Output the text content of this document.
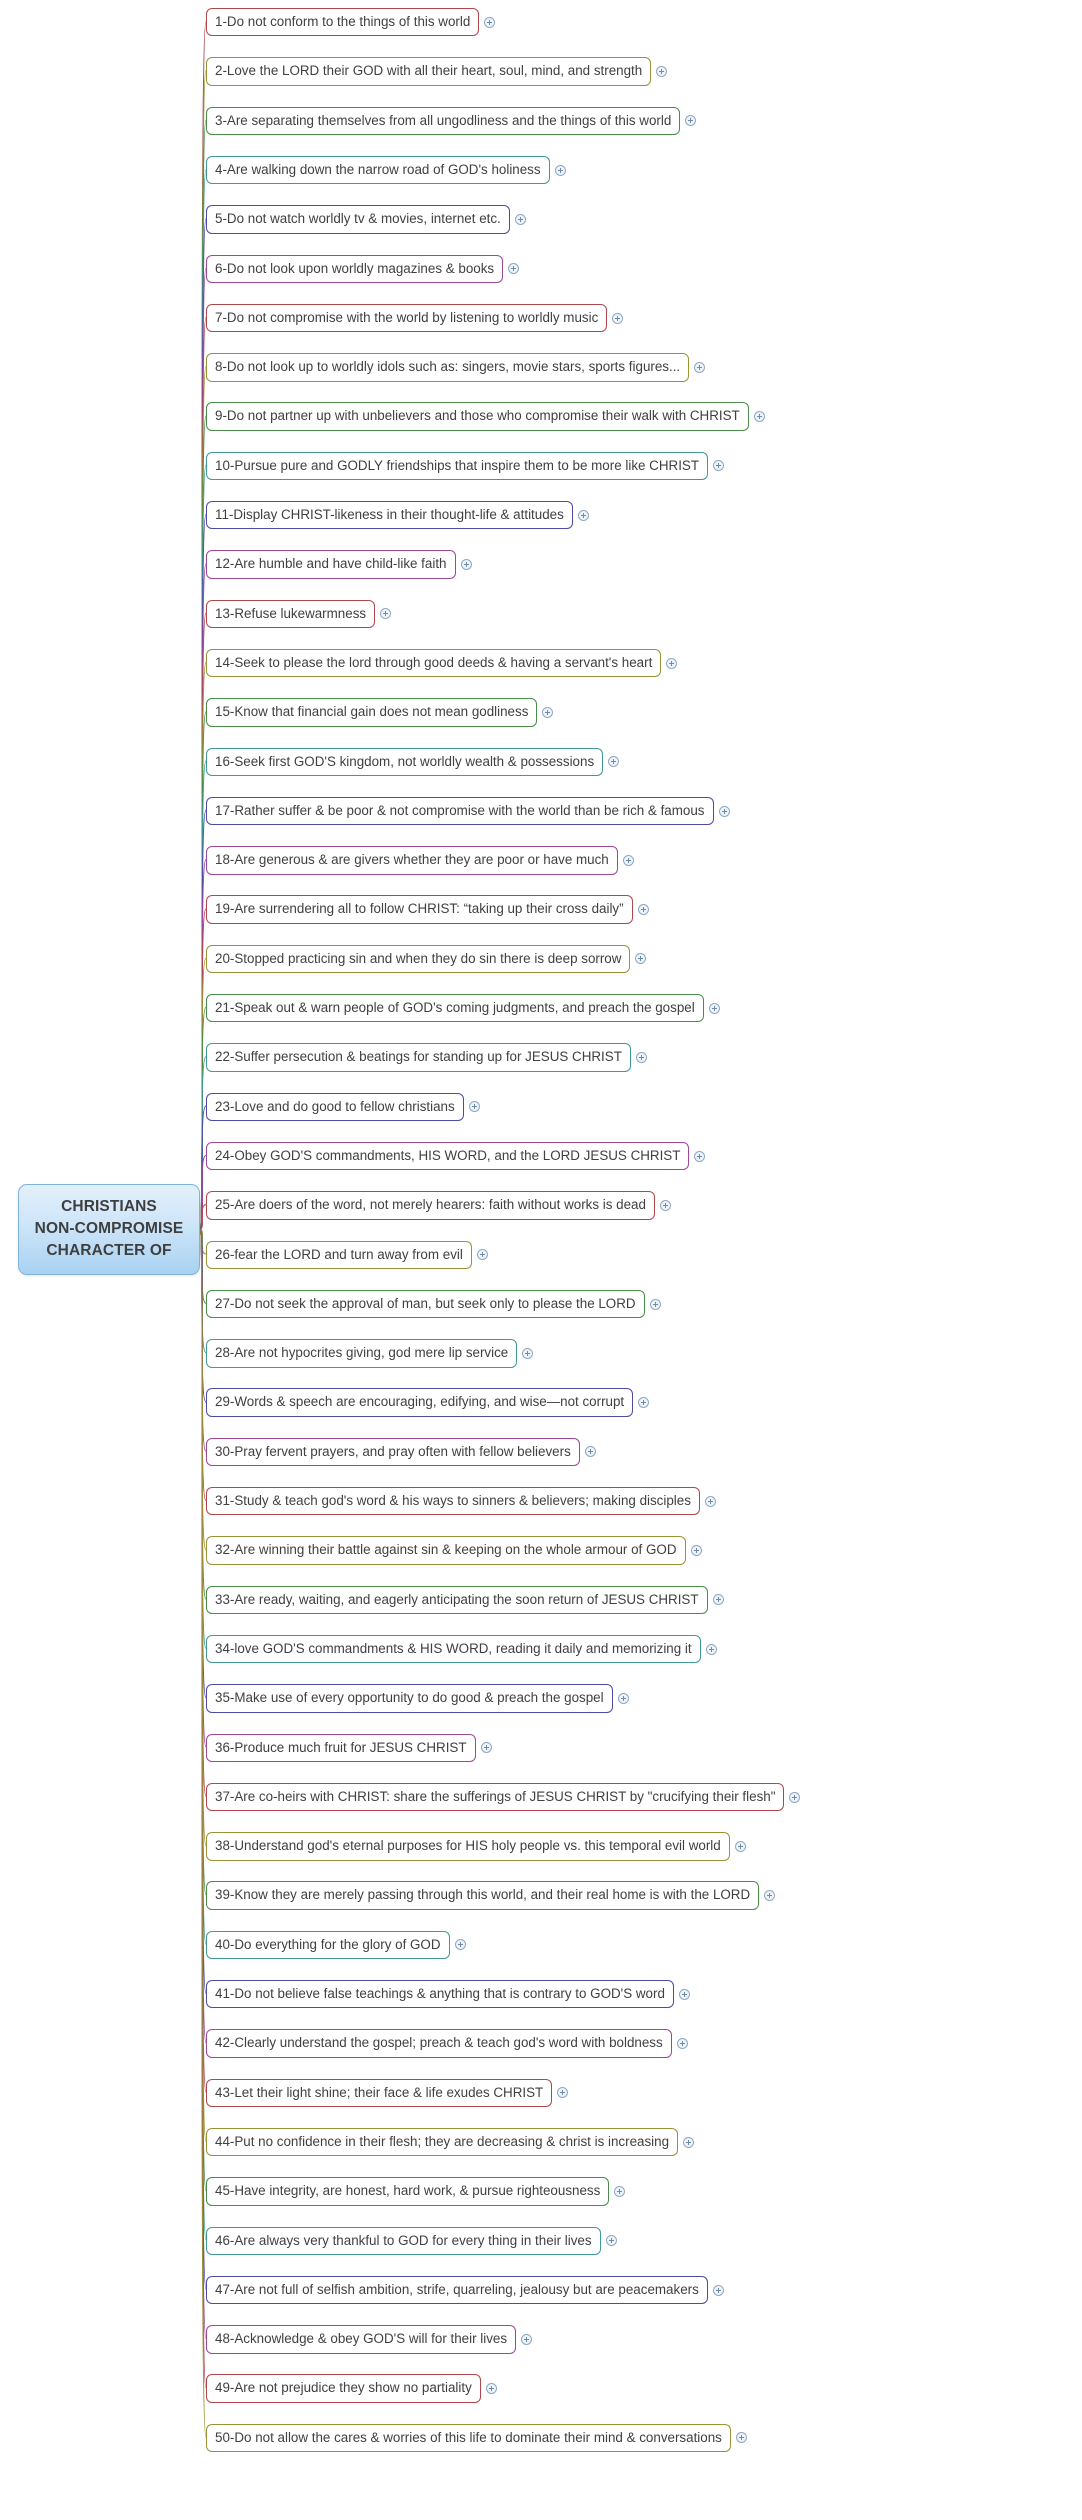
CHRISTIANS
NON-COMPROMISE
CHARACTER OF
1-Do not conform to the things of this world
2-Love the LORD their GOD with all their heart, soul, mind, and strength
3-Are separating themselves from all ungodliness and the things of this world
4-Are walking down the narrow road of GOD's holiness
5-Do not watch worldly tv & movies, internet etc.
6-Do not look upon worldly magazines & books
7-Do not compromise with the world by listening to worldly music
8-Do not look up to worldly idols such as: singers, movie stars, sports figures...
9-Do not partner up with unbelievers and those who compromise their walk with CHRIST
10-Pursue pure and GODLY friendships that inspire them to be more like CHRIST
11-Display CHRIST-likeness in their thought-life & attitudes
12-Are humble and have child-like faith
13-Refuse lukewarmness
14-Seek to please the lord through good deeds & having a servant's heart
15-Know that financial gain does not mean godliness
16-Seek first GOD'S kingdom, not worldly wealth & possessions
17-Rather suffer & be poor & not compromise with the world than be rich & famous
18-Are generous & are givers whether they are poor or have much
19-Are surrendering all to follow CHRIST: “taking up their cross daily”
20-Stopped practicing sin and when they do sin there is deep sorrow
21-Speak out & warn people of GOD's coming judgments, and preach the gospel
22-Suffer persecution & beatings for standing up for JESUS CHRIST
23-Love and do good to fellow christians
24-Obey GOD'S commandments, HIS WORD, and the LORD JESUS CHRIST
25-Are doers of the word, not merely hearers: faith without works is dead
26-fear the LORD and turn away from evil
27-Do not seek the approval of man, but seek only to please the LORD
28-Are not hypocrites giving, god mere lip service
29-Words & speech are encouraging, edifying, and wise—not corrupt
30-Pray fervent prayers, and pray often with fellow believers
31-Study & teach god's word & his ways to sinners & believers; making disciples
32-Are winning their battle against sin & keeping on the whole armour of GOD
33-Are ready, waiting, and eagerly anticipating the soon return of JESUS CHRIST
34-love GOD'S commandments & HIS WORD, reading it daily and memorizing it
35-Make use of every opportunity to do good & preach the gospel
36-Produce much fruit for JESUS CHRIST
37-Are co-heirs with CHRIST: share the sufferings of JESUS CHRIST by "crucifying their flesh"
38-Understand god's eternal purposes for HIS holy people vs. this temporal evil world
39-Know they are merely passing through this world, and their real home is with the LORD
40-Do everything for the glory of GOD
41-Do not believe false teachings & anything that is contrary to GOD'S word
42-Clearly understand the gospel; preach & teach god's word with boldness
43-Let their light shine; their face & life exudes CHRIST
44-Put no confidence in their flesh; they are decreasing & christ is increasing
45-Have integrity, are honest, hard work, & pursue righteousness
46-Are always very thankful to GOD for every thing in their lives
47-Are not full of selfish ambition, strife, quarreling, jealousy but are peacemakers
48-Acknowledge & obey GOD'S will for their lives
49-Are not prejudice they show no partiality
50-Do not allow the cares & worries of this life to dominate their mind & conversations
